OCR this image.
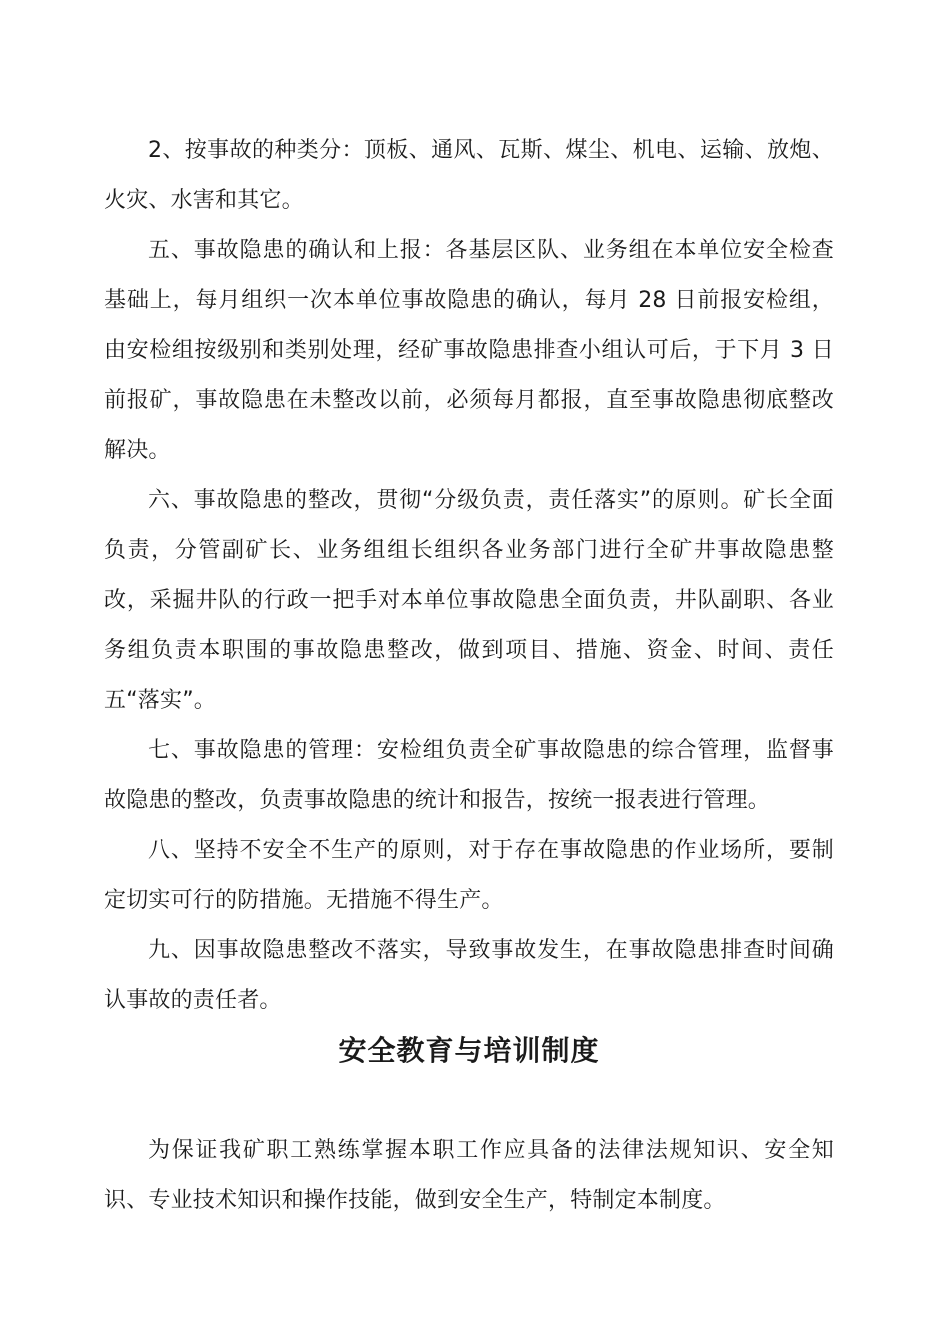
2、按事故的种类分：顶板、通风、瓦斯、煤尘、机电、运输、放炮、火灾、水害和其它。

五、事故隐患的确认和上报：各基层区队、业务组在本单位安全检查基础上，每月组织一次本单位事故隐患的确认，每月 28 日前报安检组，由安检组按级别和类别处理，经矿事故隐患排查小组认可后，于下月 3 日前报矿，事故隐患在未整改以前，必须每月都报，直至事故隐患彻底整改解决。

六、事故隐患的整改，贯彻“分级负责，责任落实”的原则。矿长全面负责，分管副矿长、业务组组长组织各业务部门进行全矿井事故隐患整改，采掘井队的行政一把手对本单位事故隐患全面负责，井队副职、各业务组负责本职围的事故隐患整改，做到项目、措施、资金、时间、责任五“落实”。

七、事故隐患的管理：安检组负责全矿事故隐患的综合管理，监督事故隐患的整改，负责事故隐患的统计和报告，按统一报表进行管理。

八、坚持不安全不生产的原则，对于存在事故隐患的作业场所，要制定切实可行的防措施。无措施不得生产。

九、因事故隐患整改不落实，导致事故发生，在事故隐患排查时间确认事故的责任者。

安全教育与培训制度

为保证我矿职工熟练掌握本职工作应具备的法律法规知识、安全知识、专业技术知识和操作技能，做到安全生产，特制定本制度。
